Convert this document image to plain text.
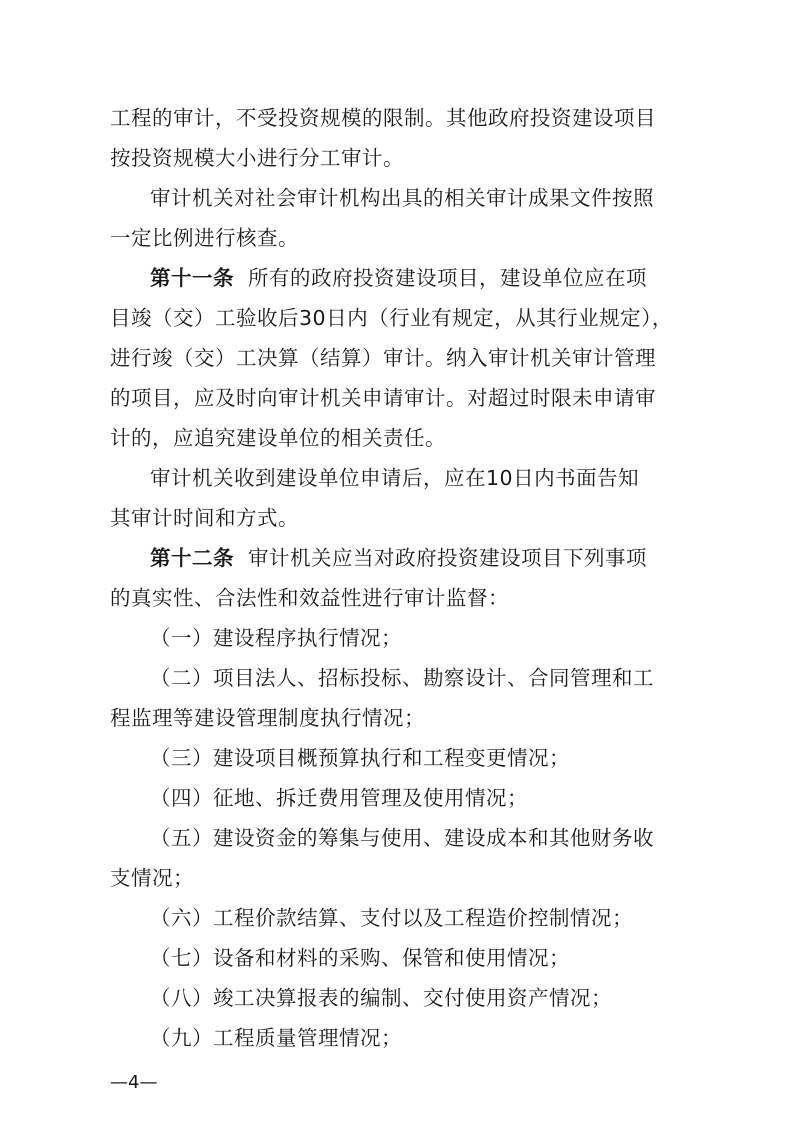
工程的审计，不受投资规模的限制。其他政府投资建设项目
按投资规模大小进行分工审计。
审计机关对社会审计机构出具的相关审计成果文件按照
一定比例进行核查。
第十一条 所有的政府投资建设项目，建设单位应在项
目竣（交）工验收后30日内（行业有规定，从其行业规定），
进行竣（交）工决算（结算）审计。纳入审计机关审计管理
的项目，应及时向审计机关申请审计。对超过时限未申请审
计的，应追究建设单位的相关责任。
审计机关收到建设单位申请后，应在10日内书面告知
其审计时间和方式。
第十二条 审计机关应当对政府投资建设项目下列事项
的真实性、合法性和效益性进行审计监督：
（一）建设程序执行情况；
（二）项目法人、招标投标、勘察设计、合同管理和工
程监理等建设管理制度执行情况；
（三）建设项目概预算执行和工程变更情况；
（四）征地、拆迁费用管理及使用情况；
（五）建设资金的筹集与使用、建设成本和其他财务收
支情况；
（六）工程价款结算、支付以及工程造价控制情况；
（七）设备和材料的采购、保管和使用情况；
（八）竣工决算报表的编制、交付使用资产情况；
（九）工程质量管理情况；
—4—
